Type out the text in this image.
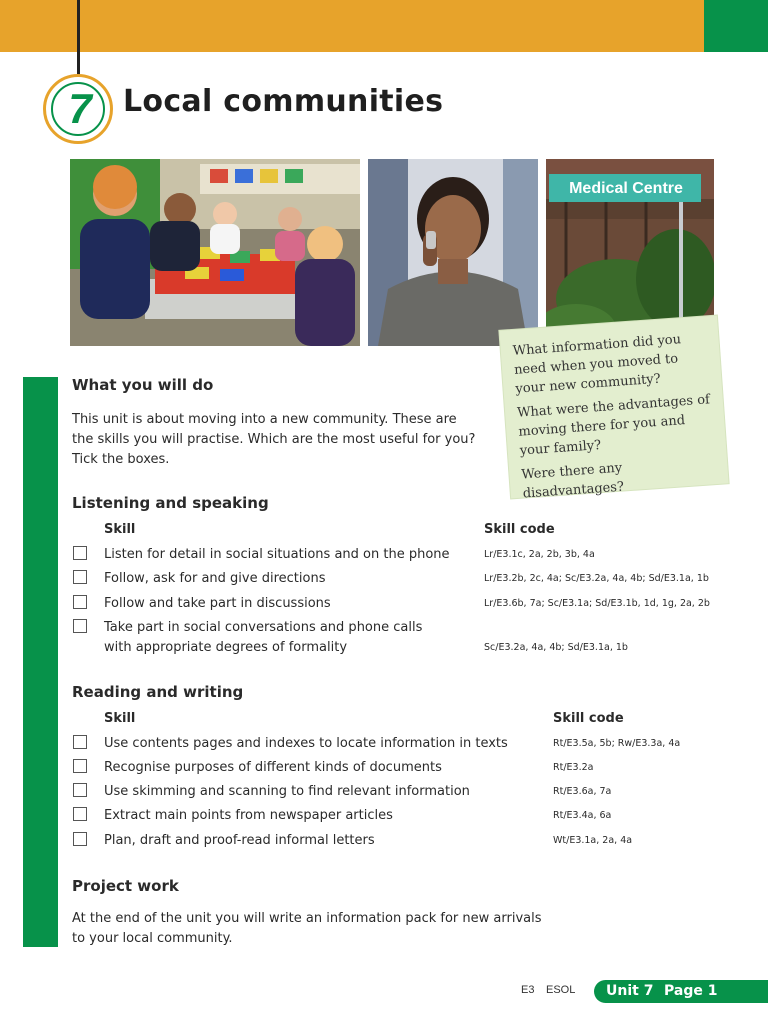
7	Local communities
Medical Centre
What information did you need when you moved to your new community?
What were the advantages of moving there for you and your family?
Were there any disadvantages?
What you will do
This unit is about moving into a new community. These are
the skills you will practise. Which are the most useful for you?
Tick the boxes.
Listening and speaking
Skill	Skill code
Listen for detail in social situations and on the phone	Lr/E3.1c, 2a, 2b, 3b, 4a
Follow, ask for and give directions	Lr/E3.2b, 2c, 4a; Sc/E3.2a, 4a, 4b; Sd/E3.1a, 1b
Follow and take part in discussions	Lr/E3.6b, 7a; Sc/E3.1a; Sd/E3.1b, 1d, 1g, 2a, 2b
Take part in social conversations and phone calls
with appropriate degrees of formality	Sc/E3.2a, 4a, 4b; Sd/E3.1a, 1b
Reading and writing
Skill	Skill code
Use contents pages and indexes to locate information in texts	Rt/E3.5a, 5b; Rw/E3.3a, 4a
Recognise purposes of different kinds of documents	Rt/E3.2a
Use skimming and scanning to find relevant information	Rt/E3.6a, 7a
Extract main points from newspaper articles	Rt/E3.4a, 6a
Plan, draft and proof-read informal letters	Wt/E3.1a, 2a, 4a
Project work
At the end of the unit you will write an information pack for new arrivals
to your local community.
E3 ESOL Unit 7 Page 1
